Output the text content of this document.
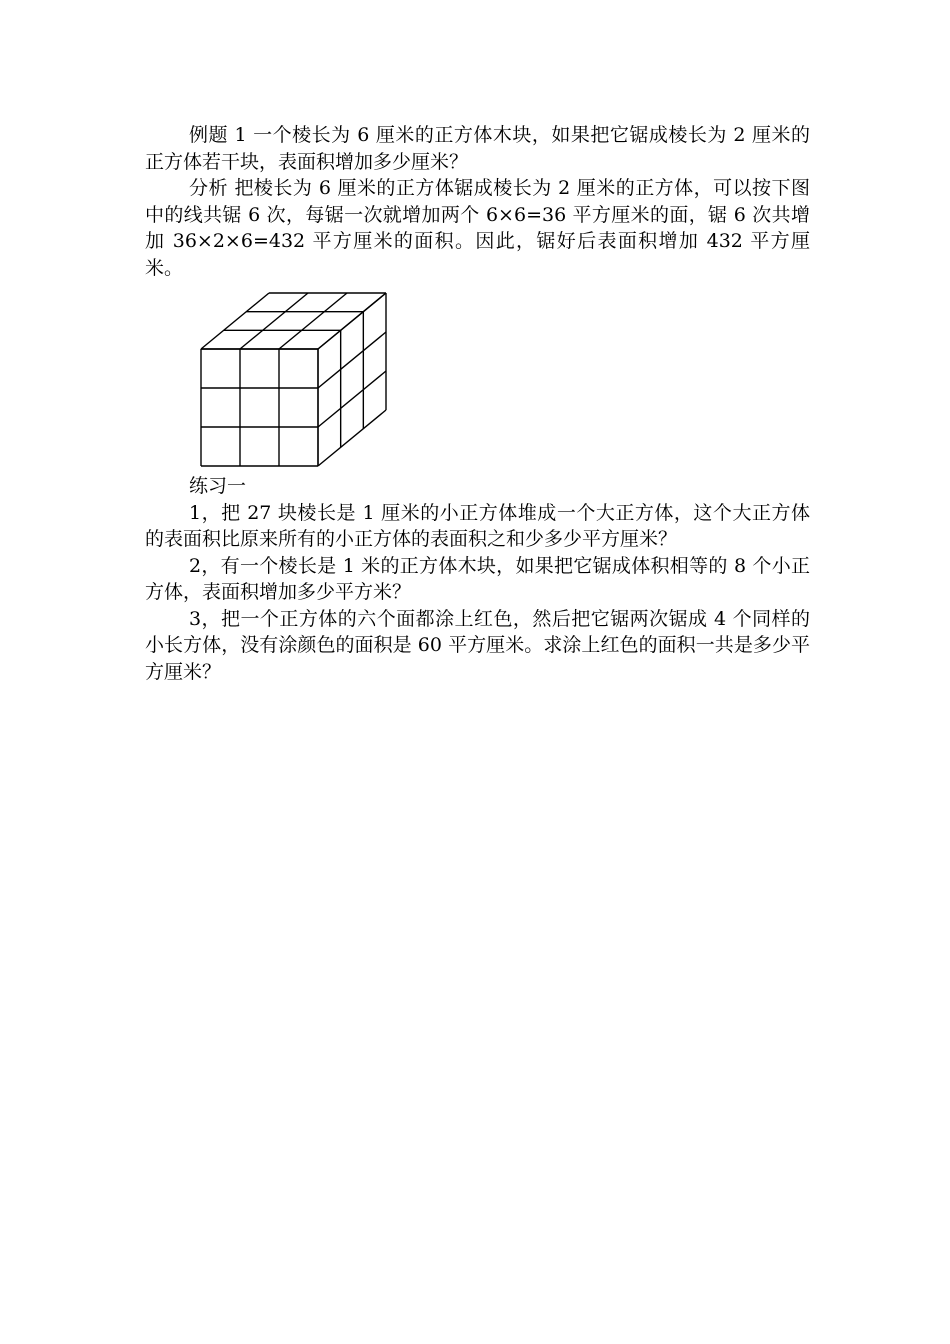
例题 1 一个棱长为 6 厘米的正方体木块，如果把它锯成棱长为 2 厘米的正方体若干块，表面积增加多少厘米？

分析 把棱长为 6 厘米的正方体锯成棱长为 2 厘米的正方体，可以按下图中的线共锯 6 次，每锯一次就增加两个 6×6=36 平方厘米的面，锯 6 次共增加 36×2×6=432 平方厘米的面积。因此，锯好后表面积增加 432 平方厘米。

练习一

1，把 27 块棱长是 1 厘米的小正方体堆成一个大正方体，这个大正方体的表面积比原来所有的小正方体的表面积之和少多少平方厘米？

2，有一个棱长是 1 米的正方体木块，如果把它锯成体积相等的 8 个小正方体，表面积增加多少平方米？

3，把一个正方体的六个面都涂上红色，然后把它锯两次锯成 4 个同样的小长方体，没有涂颜色的面积是 60 平方厘米。求涂上红色的面积一共是多少平方厘米？
